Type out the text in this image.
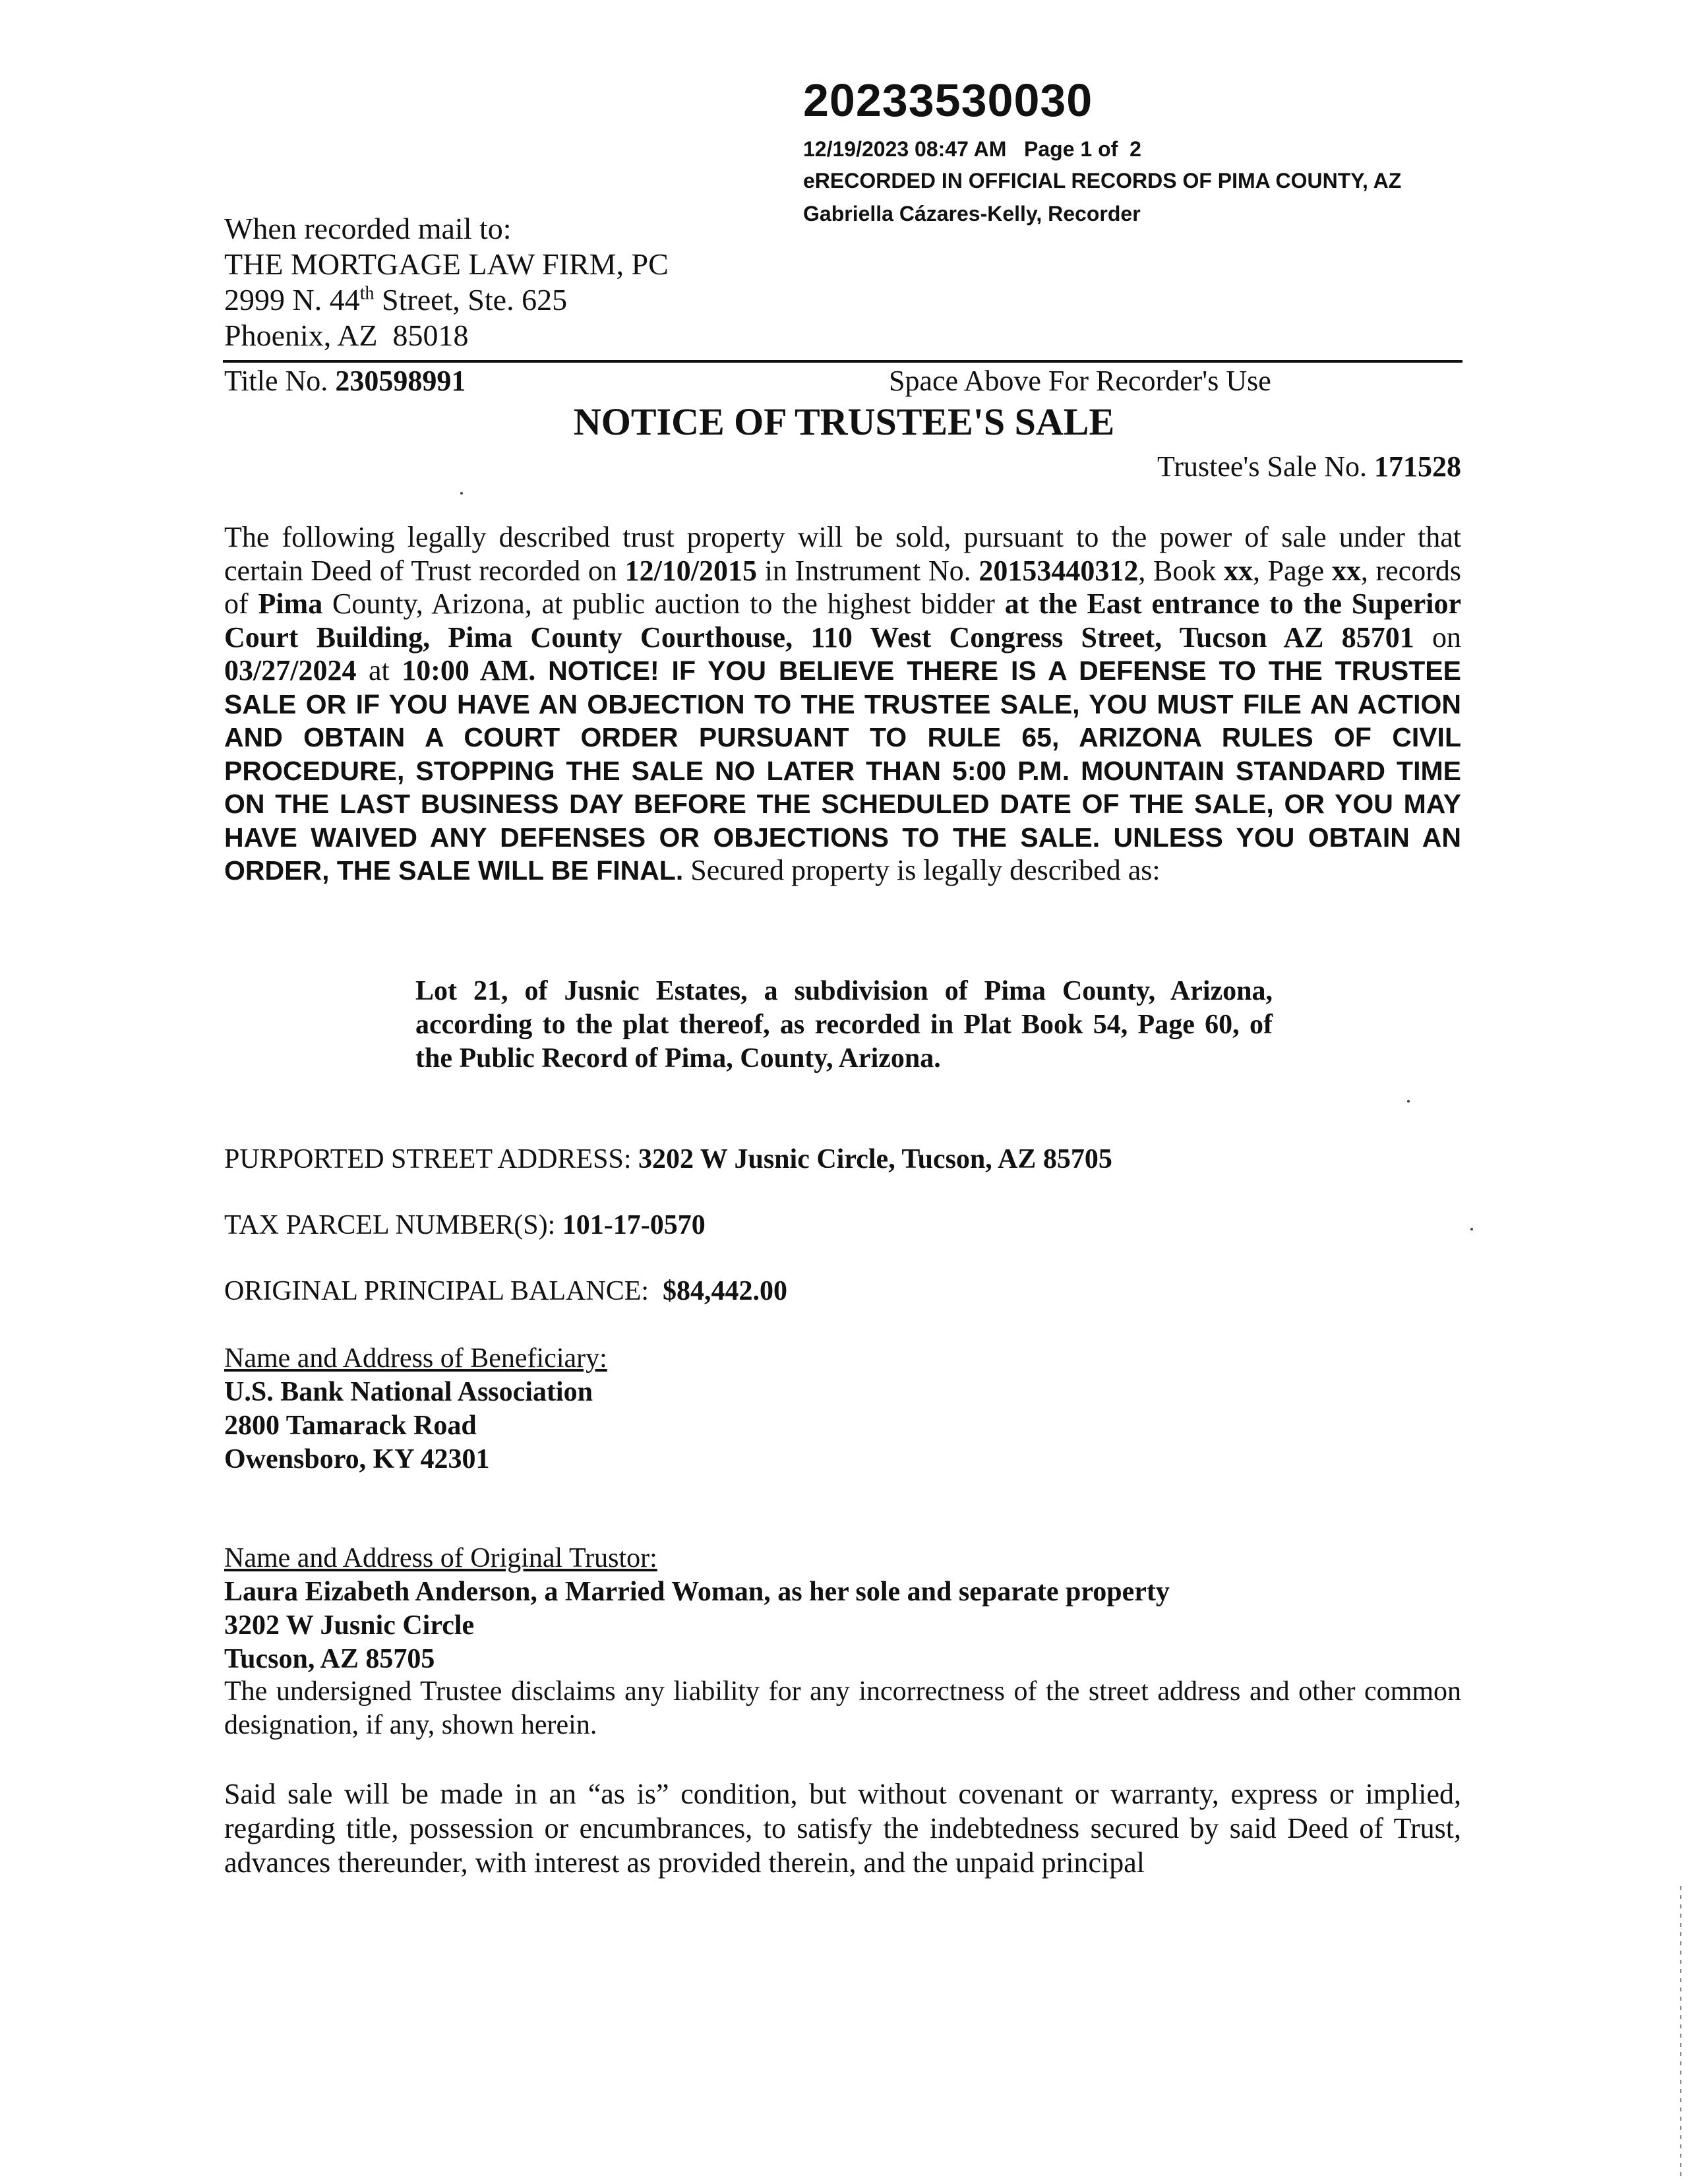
20233530030
12/19/2023 08:47 AM   Page 1 of  2
eRECORDED IN OFFICIAL RECORDS OF PIMA COUNTY, AZ
Gabriella Cázares-Kelly, Recorder
When recorded mail to:
THE MORTGAGE LAW FIRM, PC
2999 N. 44th Street, Ste. 625
Phoenix, AZ  85018
Title No. 230598991	Space Above For Recorder's Use
NOTICE OF TRUSTEE'S SALE
Trustee's Sale No. 171528
The following legally described trust property will be sold, pursuant to the power of sale under that certain Deed of Trust recorded on 12/10/2015 in Instrument No. 20153440312, Book xx, Page xx, records of Pima County, Arizona, at public auction to the highest bidder at the East entrance to the Superior Court Building, Pima County Courthouse, 110 West Congress Street, Tucson AZ 85701 on 03/27/2024 at 10:00 AM. NOTICE! IF YOU BELIEVE THERE IS A DEFENSE TO THE TRUSTEE SALE OR IF YOU HAVE AN OBJECTION TO THE TRUSTEE SALE, YOU MUST FILE AN ACTION AND OBTAIN A COURT ORDER PURSUANT TO RULE 65, ARIZONA RULES OF CIVIL PROCEDURE, STOPPING THE SALE NO LATER THAN 5:00 P.M. MOUNTAIN STANDARD TIME ON THE LAST BUSINESS DAY BEFORE THE SCHEDULED DATE OF THE SALE, OR YOU MAY HAVE WAIVED ANY DEFENSES OR OBJECTIONS TO THE SALE. UNLESS YOU OBTAIN AN ORDER, THE SALE WILL BE FINAL. Secured property is legally described as:
Lot 21, of Jusnic Estates, a subdivision of Pima County, Arizona, according to the plat thereof, as recorded in Plat Book 54, Page 60, of the Public Record of Pima, County, Arizona.
PURPORTED STREET ADDRESS: 3202 W Jusnic Circle, Tucson, AZ 85705
TAX PARCEL NUMBER(S): 101-17-0570
ORIGINAL PRINCIPAL BALANCE:  $84,442.00
Name and Address of Beneficiary:
U.S. Bank National Association
2800 Tamarack Road
Owensboro, KY 42301
Name and Address of Original Trustor:
Laura Eizabeth Anderson, a Married Woman, as her sole and separate property
3202 W Jusnic Circle
Tucson, AZ 85705
The undersigned Trustee disclaims any liability for any incorrectness of the street address and other common designation, if any, shown herein.
Said sale will be made in an “as is” condition, but without covenant or warranty, express or implied, regarding title, possession or encumbrances, to satisfy the indebtedness secured by said Deed of Trust, advances thereunder, with interest as provided therein, and the unpaid principal
